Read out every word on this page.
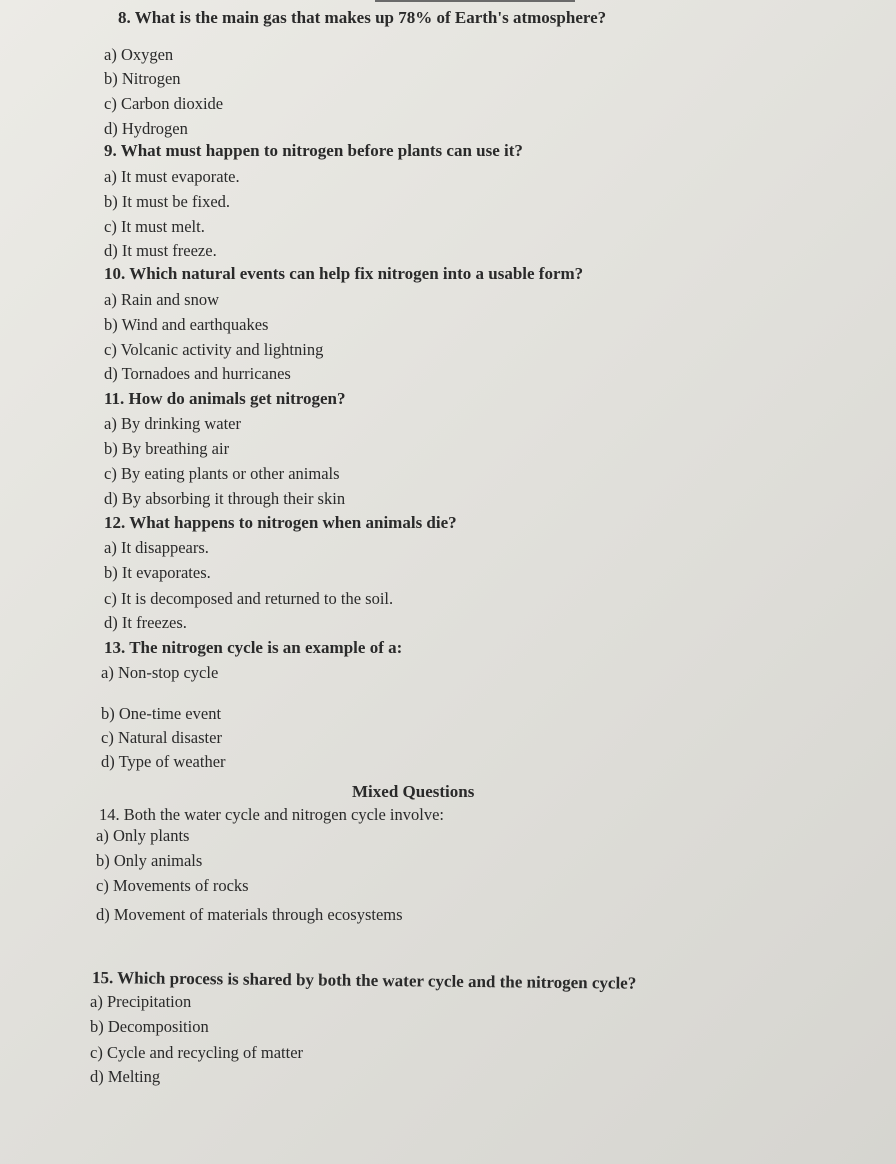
8. What is the main gas that makes up 78% of Earth's atmosphere?
a) Oxygen
b) Nitrogen
c) Carbon dioxide
d) Hydrogen
9. What must happen to nitrogen before plants can use it?
a) It must evaporate.
b) It must be fixed.
c) It must melt.
d) It must freeze.
10. Which natural events can help fix nitrogen into a usable form?
a) Rain and snow
b) Wind and earthquakes
c) Volcanic activity and lightning
d) Tornadoes and hurricanes
11. How do animals get nitrogen?
a) By drinking water
b) By breathing air
c) By eating plants or other animals
d) By absorbing it through their skin
12. What happens to nitrogen when animals die?
a) It disappears.
b) It evaporates.
c) It is decomposed and returned to the soil.
d) It freezes.
13. The nitrogen cycle is an example of a:
a) Non-stop cycle
b) One-time event
c) Natural disaster
d) Type of weather
Mixed Questions
14. Both the water cycle and nitrogen cycle involve:
a) Only plants
b) Only animals
c) Movements of rocks
d) Movement of materials through ecosystems
15. Which process is shared by both the water cycle and the nitrogen cycle?
a) Precipitation
b) Decomposition
c) Cycle and recycling of matter
d) Melting
